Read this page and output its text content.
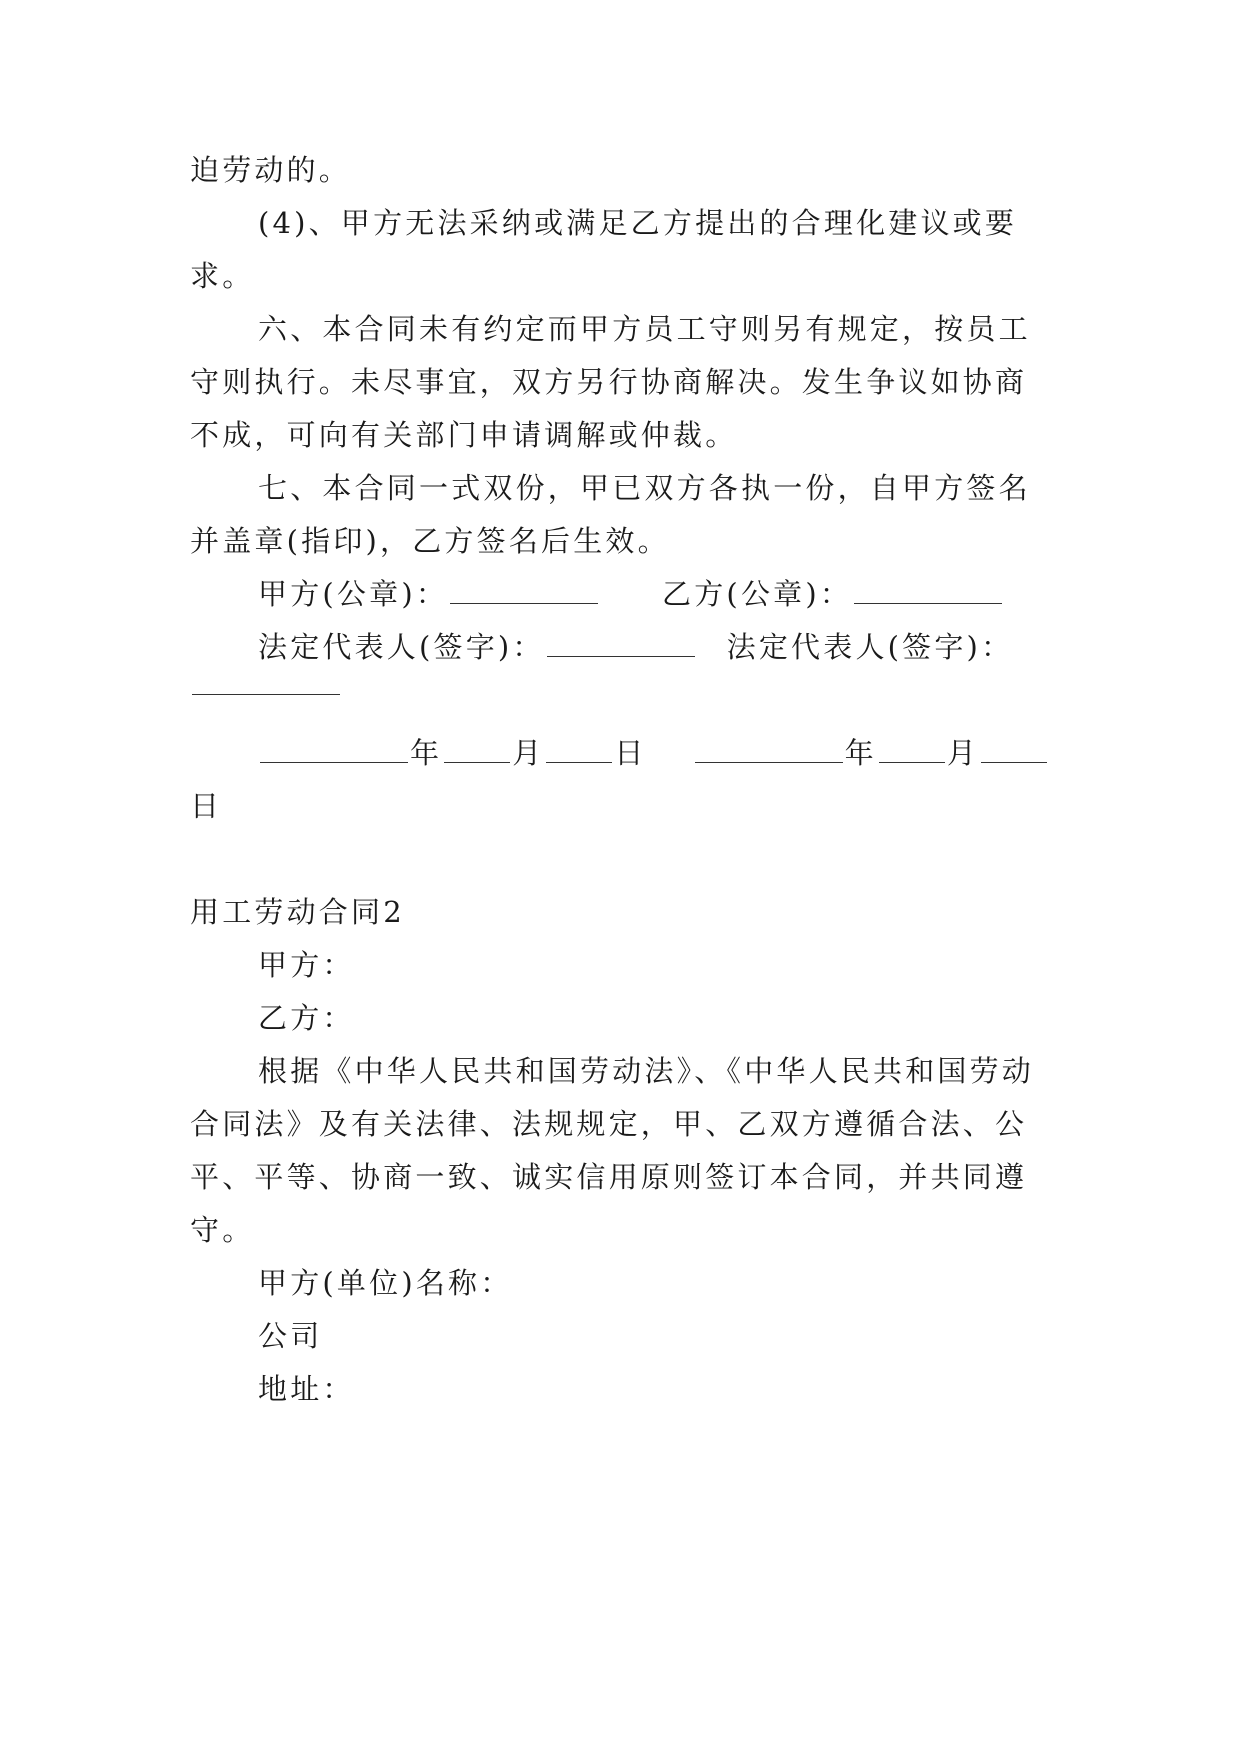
迫劳动的。
(4)、甲方无法采纳或满足乙方提出的合理化建议或要
求。
六、本合同未有约定而甲方员工守则另有规定，按员工
守则执行。未尽事宜，双方另行协商解决。发生争议如协商
不成，可向有关部门申请调解或仲裁。
七、本合同一式双份，甲已双方各执一份，自甲方签名
并盖章(指印)，乙方签名后生效。
甲方(公章)：	乙方(公章)：
法定代表人(签字)：	法定代表人(签字)：
年 月 日	年 月
日
用工劳动合同2
甲方：
乙方：
根据《中华人民共和国劳动法》、《中华人民共和国劳动
合同法》及有关法律、法规规定，甲、乙双方遵循合法、公
平、平等、协商一致、诚实信用原则签订本合同，并共同遵
守。
甲方(单位)名称：
公司
地址：
